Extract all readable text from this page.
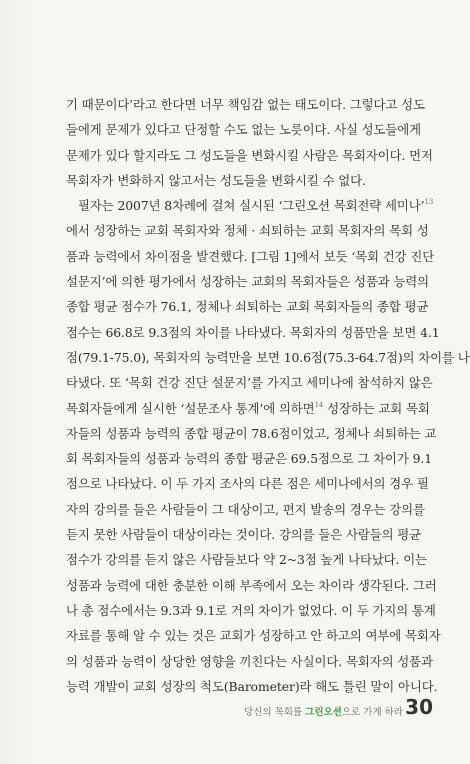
기 때문이다’라고 한다면 너무 책임감 없는 태도이다. 그렇다고 성도
들에게 문제가 있다고 단정할 수도 없는 노릇이다. 사실 성도들에게
문제가 있다 할지라도 그 성도들을 변화시킬 사람은 목회자이다. 먼저
목회자가 변화하지 않고서는 성도들을 변화시킬 수 없다.
필자는 2007년 8차례에 걸쳐 실시된 ‘그린오션 목회전략 세미나’$^{13}$
에서 성장하는 교회 목회자와 정체 · 쇠퇴하는 교회 목회자의 목회 성
품과 능력에서 차이점을 발견했다. [그림 1]에서 보듯 ‘목회 건강 진단
설문지’에 의한 평가에서 성장하는 교회의 목회자들은 성품과 능력의
종합 평균 점수가 76.1, 정체나 쇠퇴하는 교회 목회자들의 종합 평균
점수는 66.8로 9.3점의 차이를 나타냈다. 목회자의 성품만을 보면 4.1
점(79.1-75.0), 목회자의 능력만을 보면 10.6점(75.3-64.7점)의 차이를 나
타냈다. 또 ‘목회 건강 진단 설문지’를 가지고 세미나에 참석하지 않은
목회자들에게 실시한 ‘설문조사 통계’에 의하면$^{14}$ 성장하는 교회 목회
자들의 성품과 능력의 종합 평균이 78.6점이었고, 정체나 쇠퇴하는 교
회 목회자들의 성품과 능력의 종합 평균은 69.5점으로 그 차이가 9.1
점으로 나타났다. 이 두 가지 조사의 다른 점은 세미나에서의 경우 필
자의 강의를 들은 사람들이 그 대상이고, 편지 발송의 경우는 강의를
듣지 못한 사람들이 대상이라는 것이다. 강의를 들은 사람들의 평균
점수가 강의를 듣지 않은 사람들보다 약 2~3점 높게 나타났다. 이는
성품과 능력에 대한 충분한 이해 부족에서 오는 차이라 생각된다. 그러
나 총 점수에서는 9.3과 9.1로 거의 차이가 없었다. 이 두 가지의 통계
자료를 통해 알 수 있는 것은 교회가 성장하고 안 하고의 여부에 목회자
의 성품과 능력이 상당한 영향을 끼친다는 사실이다. 목회자의 성품과
능력 개발이 교회 성장의 척도(Barometer)라 해도 틀린 말이 아니다.
당신의 목회를 그린오션으로 가게 하라 30
